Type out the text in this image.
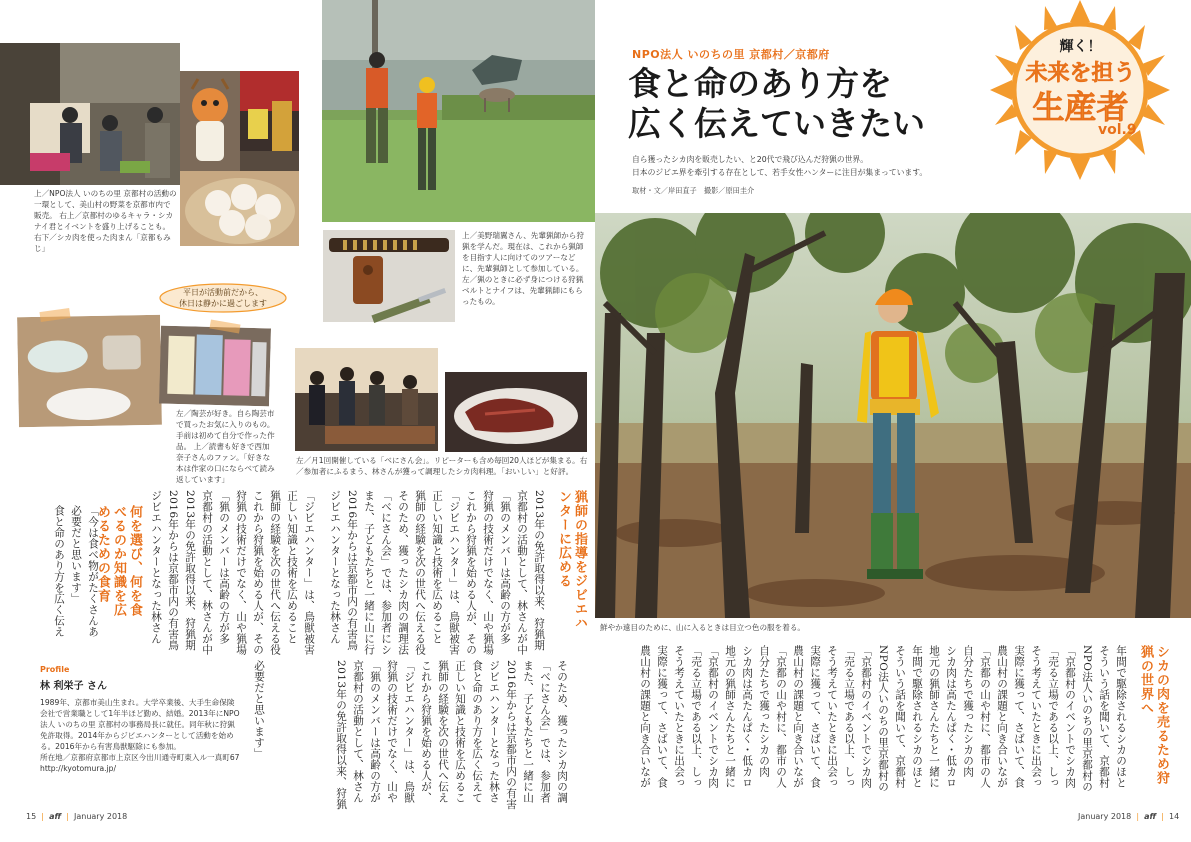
上／NPO法人 いのちの里 京都村の活動の一環として、美山村の野菜を京都市内で販売。 右上／京都村のゆるキャラ・シカナイ君とイベントを盛り上げることも。右下／シカ肉を使った肉まん「京都もみじ」
上／美野瑞翼さん、先輩猟師から狩猟を学んだ。現在は、これから猟師を目指す人に向けてのツアーなどに、先輩猟師として参加している。 左／猟のときに必ず身につける狩猟ベルトとナイフは、先輩猟師にもらったもの。
平日が活動前だから、
休日は静かに過ごします
左／陶芸が好き。自ら陶芸市で買ったお気に入りのもの。手前は初めて自分で作った作品。 上／読書も好きで西加奈子さんのファン。「好きな本は作家の口にならべて読み返しています」
左／月1回開催している「べにさん会」。リピーターも含め毎回20人ほどが集まる。右／参加者にふるまう、林さんが獲って調理したシカ肉料理。「おいしい」と好評。
猟師の指導をジビエハンターに広める
2013年の免許取得以来、狩猟期
京都村の活動として、林さんが中
「猟のメンバーは高齢の方が多
狩猟の技術だけでなく、山や猟場
これから狩猟を始める人が、その
「ジビエハンター」は、鳥獣被害
正しい知識と技術を広めること
猟師の経験を次の世代へ伝える役
そのため、獲ったシカ肉の調理法
「べにさん会」では、参加者にシ
また、子どもたちと一緒に山に行
2016年からは京都市内の有害鳥
ジビエハンターとなった林さん
そのため、獲ったシカ肉の調
「べにさん会」では、参加者
また、子どもたちと一緒に山
2016年からは京都市内の有害
ジビエハンターとなった林さ
食と命のあり方を広く伝えて
正しい知識と技術を広めるこ
猟師の経験を次の世代へ伝え
これから狩猟を始める人が、
「ジビエハンター」は、鳥獣
狩猟の技術だけでなく、山や
「猟のメンバーは高齢の方が
京都村の活動として、林さん
2013年の免許取得以来、狩猟
必要だと思います」
何を選び、何を食べるのか知識を広めるための食育
「今は食べ物がたくさんあ
必要だと思います」
食と命のあり方を広く伝え
「ジビエハンター」は、鳥獣被害
正しい知識と技術を広めること
猟師の経験を次の世代へ伝える役
これから狩猟を始める人が、その
狩猟の技術だけでなく、山や猟場
「猟のメンバーは高齢の方が多
京都村の活動として、林さんが中
2013年の免許取得以来、狩猟期
2016年からは京都市内の有害鳥
ジビエハンターとなった林さん
Profile
林 利栄子 さん
1989年、京都市美山生まれ。大学卒業後、大手生命保険会社で営業職として1年半ほど勤め、結婚。2013年にNPO法人 いのちの里 京都村の事務局長に就任。同年秋に狩猟免許取得。2014年からジビエハンターとして活動を始める。2016年から有害鳥獣駆除にも参加。
所在地／京都府京都市上京区今出川通寺町東入ル一真町67
http://kyotomura.jp/
15  |  aff  |  January 2018
NPO法人 いのちの里 京都村／京都府
食と命のあり方を
広く伝えていきたい
自ら獲ったシカ肉を販売したい、と20代で飛び込んだ狩猟の世界。
日本のジビエ界を牽引する存在として、若手女性ハンターに注目が集まっています。
取材・文／岸田直子　撮影／原田圭介
輝く！
未来を担う
生産者
vol.9
鮮やか遠目のために、山に入るときは目立つ色の服を着る。
シカの肉を売るため狩猟の世界へ
年間で駆除されるシカのほと
そういう話を聞いて、京都村
NPO法人いのちの里京都村の
「京都村のイベントでシカ肉
「売る立場である以上、しっ
そう考えていたときに出会っ
実際に獲って、さばいて、食
農山村の課題と向き合いなが
「京都の山や村に、都市の人
自分たちで獲ったシカの肉
シカ肉は高たんぱく・低カロ
地元の猟師さんたちと一緒に
年間で駆除されるシカのほと
そういう話を聞いて、京都村
NPO法人いのちの里京都村の
「京都村のイベントでシカ肉
「売る立場である以上、しっ
そう考えていたときに出会っ
実際に獲って、さばいて、食
農山村の課題と向き合いなが
「京都の山や村に、都市の人
自分たちで獲ったシカの肉
シカ肉は高たんぱく・低カロ
地元の猟師さんたちと一緒に
「京都村のイベントでシカ肉
「売る立場である以上、しっ
そう考えていたときに出会っ
実際に獲って、さばいて、食
農山村の課題と向き合いなが
January 2018  |  aff  |  14
